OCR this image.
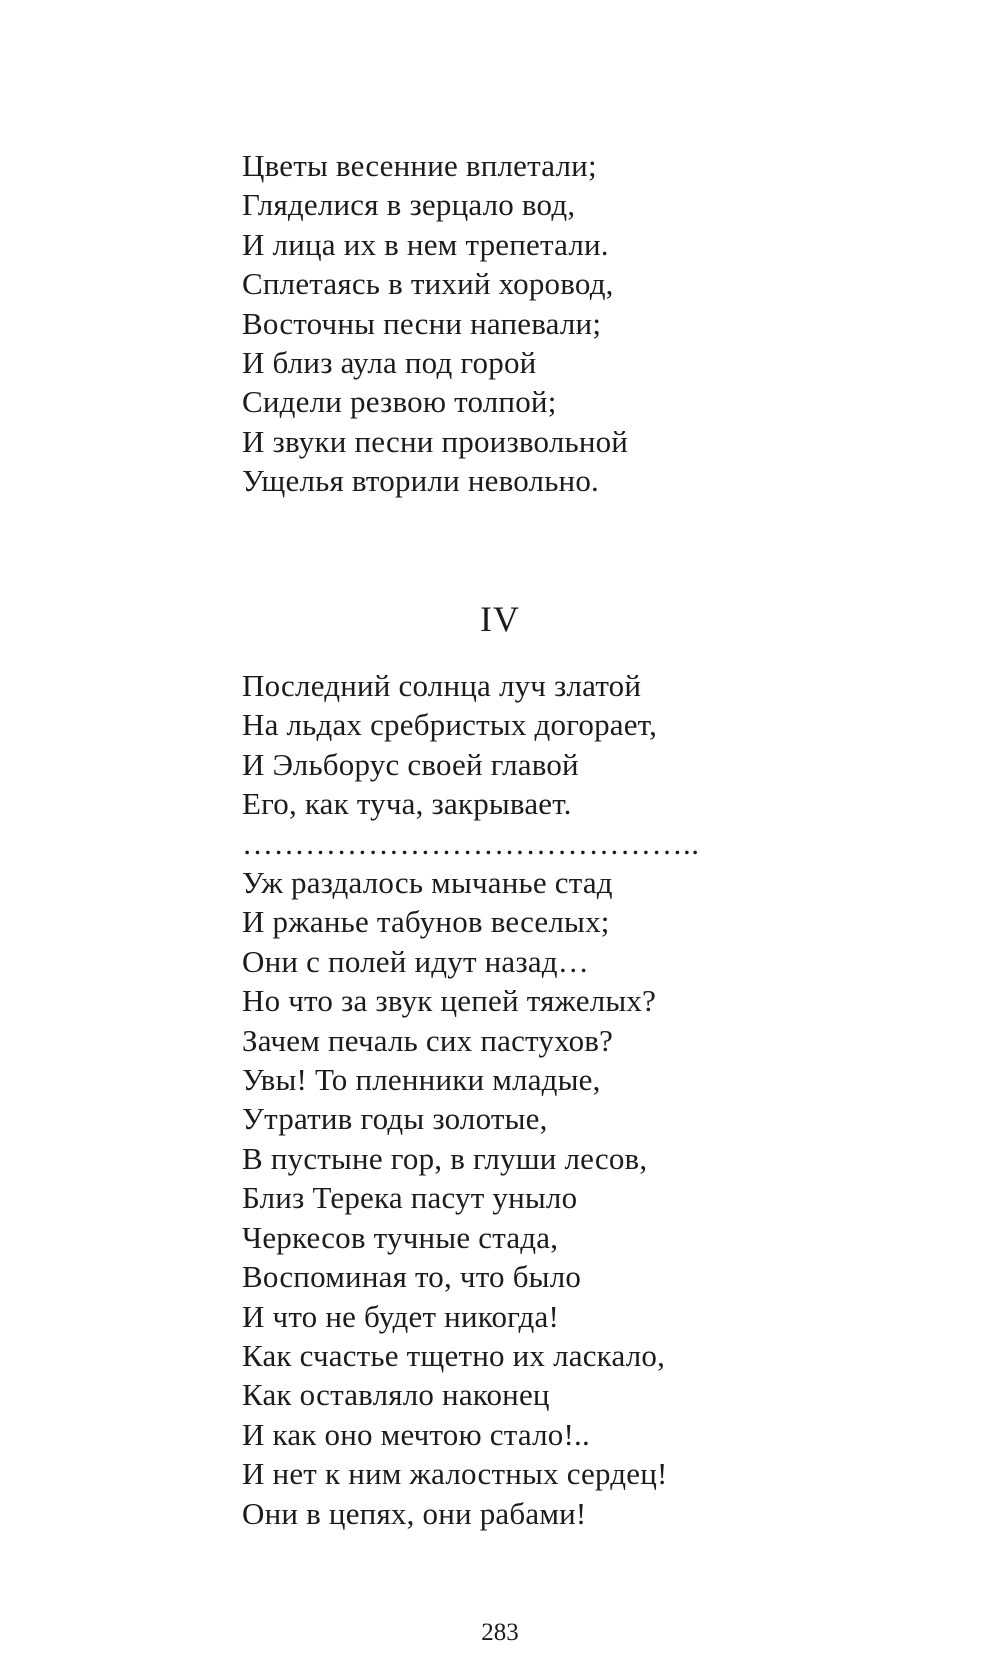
Цветы весенние вплетали;
Гляделися в зерцало вод,
И лица их в нем трепетали.
Сплетаясь в тихий хоровод,
Восточны песни напевали;
И близ аула под горой
Сидели резвою толпой;
И звуки песни произвольной
Ущелья вторили невольно.
IV
Последний солнца луч златой
На льдах сребристых догорает,
И Эльборус своей главой
Его, как туча, закрывает.
……………………………………..
Уж раздалось мычанье стад
И ржанье табунов веселых;
Они с полей идут назад…
Но что за звук цепей тяжелых?
Зачем печаль сих пастухов?
Увы! То пленники младые,
Утратив годы золотые,
В пустыне гор, в глуши лесов,
Близ Терека пасут уныло
Черкесов тучные стада,
Воспоминая то, что было
И что не будет никогда!
Как счастье тщетно их ласкало,
Как оставляло наконец
И как оно мечтою стало!..
И нет к ним жалостных сердец!
Они в цепях, они рабами!
283
